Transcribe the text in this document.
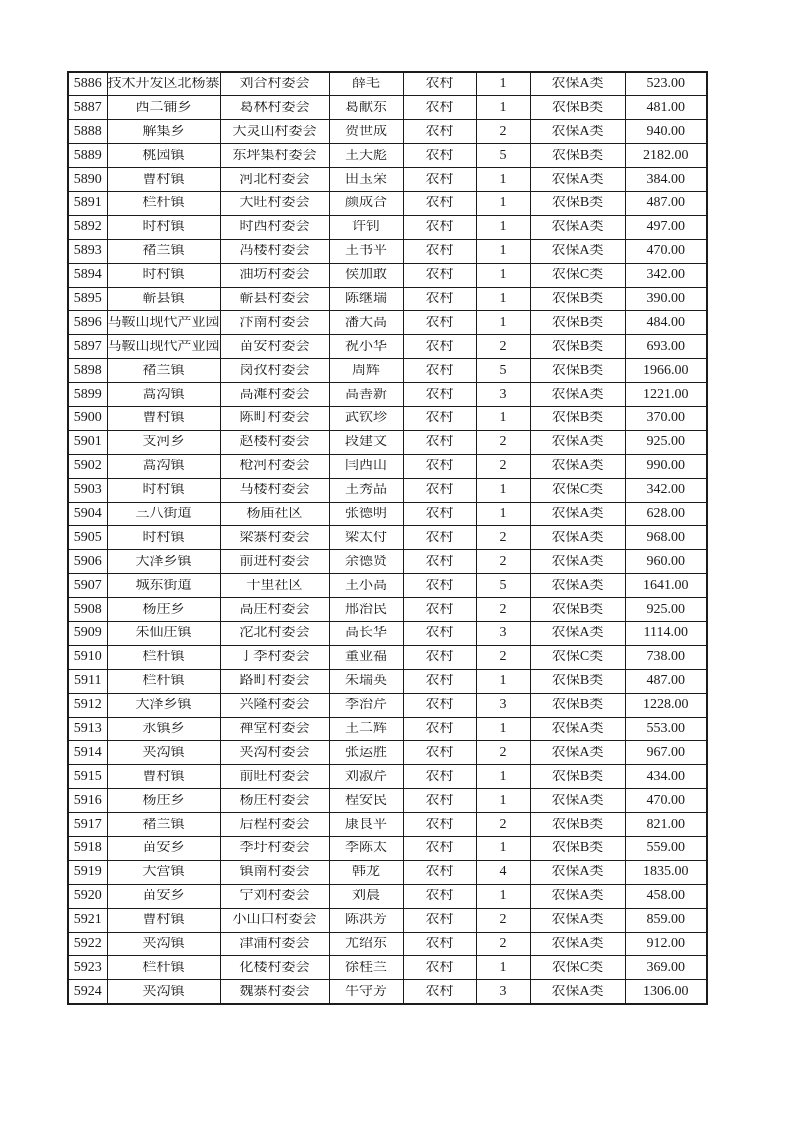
5886	技术开发区北杨寨	刘合村委会	薛毛	农村	1	农保A类	523.00

5887	西二铺乡	葛林村委会	葛献东	农村	1	农保B类	481.00

5888	解集乡	大灵山村委会	贺世成	农村	2	农保A类	940.00

5889	桃园镇	东坪集村委会	王天彪	农村	5	农保B类	2182.00

5890	曹村镇	河北村委会	田玉荣	农村	1	农保A类	384.00

5891	栏杆镇	大旺村委会	颜成合	农村	1	农保B类	487.00

5892	时村镇	时西村委会	许钊	农村	1	农保A类	497.00

5893	褚兰镇	冯楼村委会	王书平	农村	1	农保A类	470.00

5894	时村镇	油坊村委会	侯加敢	农村	1	农保C类	342.00

5895	蕲县镇	蕲县村委会	陈继瑞	农村	1	农保B类	390.00

5896	马鞍山现代产业园	汴南村委会	潘大高	农村	1	农保B类	484.00

5897	马鞍山现代产业园	苗安村委会	祝小华	农村	2	农保B类	693.00

5898	褚兰镇	岗孜村委会	周辉	农村	5	农保B类	1966.00

5899	蒿沟镇	高滩村委会	高善新	农村	3	农保A类	1221.00

5900	曹村镇	陈町村委会	武钦珍	农村	1	农保B类	370.00

5901	支河乡	赵楼村委会	段建文	农村	2	农保A类	925.00

5902	蒿沟镇	枪河村委会	闫西山	农村	2	农保A类	990.00

5903	时村镇	马楼村委会	王秀品	农村	1	农保C类	342.00

5904	三八街道	杨庙社区	张德明	农村	1	农保A类	628.00

5905	时村镇	梁寨村委会	梁太付	农村	2	农保A类	968.00

5906	大泽乡镇	前进村委会	余德贤	农村	2	农保A类	960.00

5907	城东街道	十里社区	王小高	农村	5	农保A类	1641.00

5908	杨庄乡	高庄村委会	邢治民	农村	2	农保B类	925.00

5909	朱仙庄镇	沱北村委会	高长华	农村	3	农保A类	1114.00

5910	栏杆镇	丁李村委会	董业福	农村	2	农保C类	738.00

5911	栏杆镇	路町村委会	朱瑞英	农村	1	农保B类	487.00

5912	大泽乡镇	兴隆村委会	李治芹	农村	3	农保B类	1228.00

5913	永镇乡	禅堂村委会	王二辉	农村	1	农保A类	553.00

5914	夹沟镇	夹沟村委会	张运胜	农村	2	农保A类	967.00

5915	曹村镇	前旺村委会	刘淑芹	农村	1	农保B类	434.00

5916	杨庄乡	杨庄村委会	程安民	农村	1	农保A类	470.00

5917	褚兰镇	后程村委会	康良平	农村	2	农保B类	821.00

5918	苗安乡	李圩村委会	李陈太	农村	1	农保B类	559.00

5919	大营镇	镇南村委会	韩龙	农村	4	农保A类	1835.00

5920	苗安乡	宁刘村委会	刘晨	农村	1	农保A类	458.00

5921	曹村镇	小山口村委会	陈洪芳	农村	2	农保A类	859.00

5922	夹沟镇	津浦村委会	尤绍东	农村	2	农保A类	912.00

5923	栏杆镇	化楼村委会	徐桂兰	农村	1	农保C类	369.00

5924	夹沟镇	魏寨村委会	牛守芳	农村	3	农保A类	1306.00
